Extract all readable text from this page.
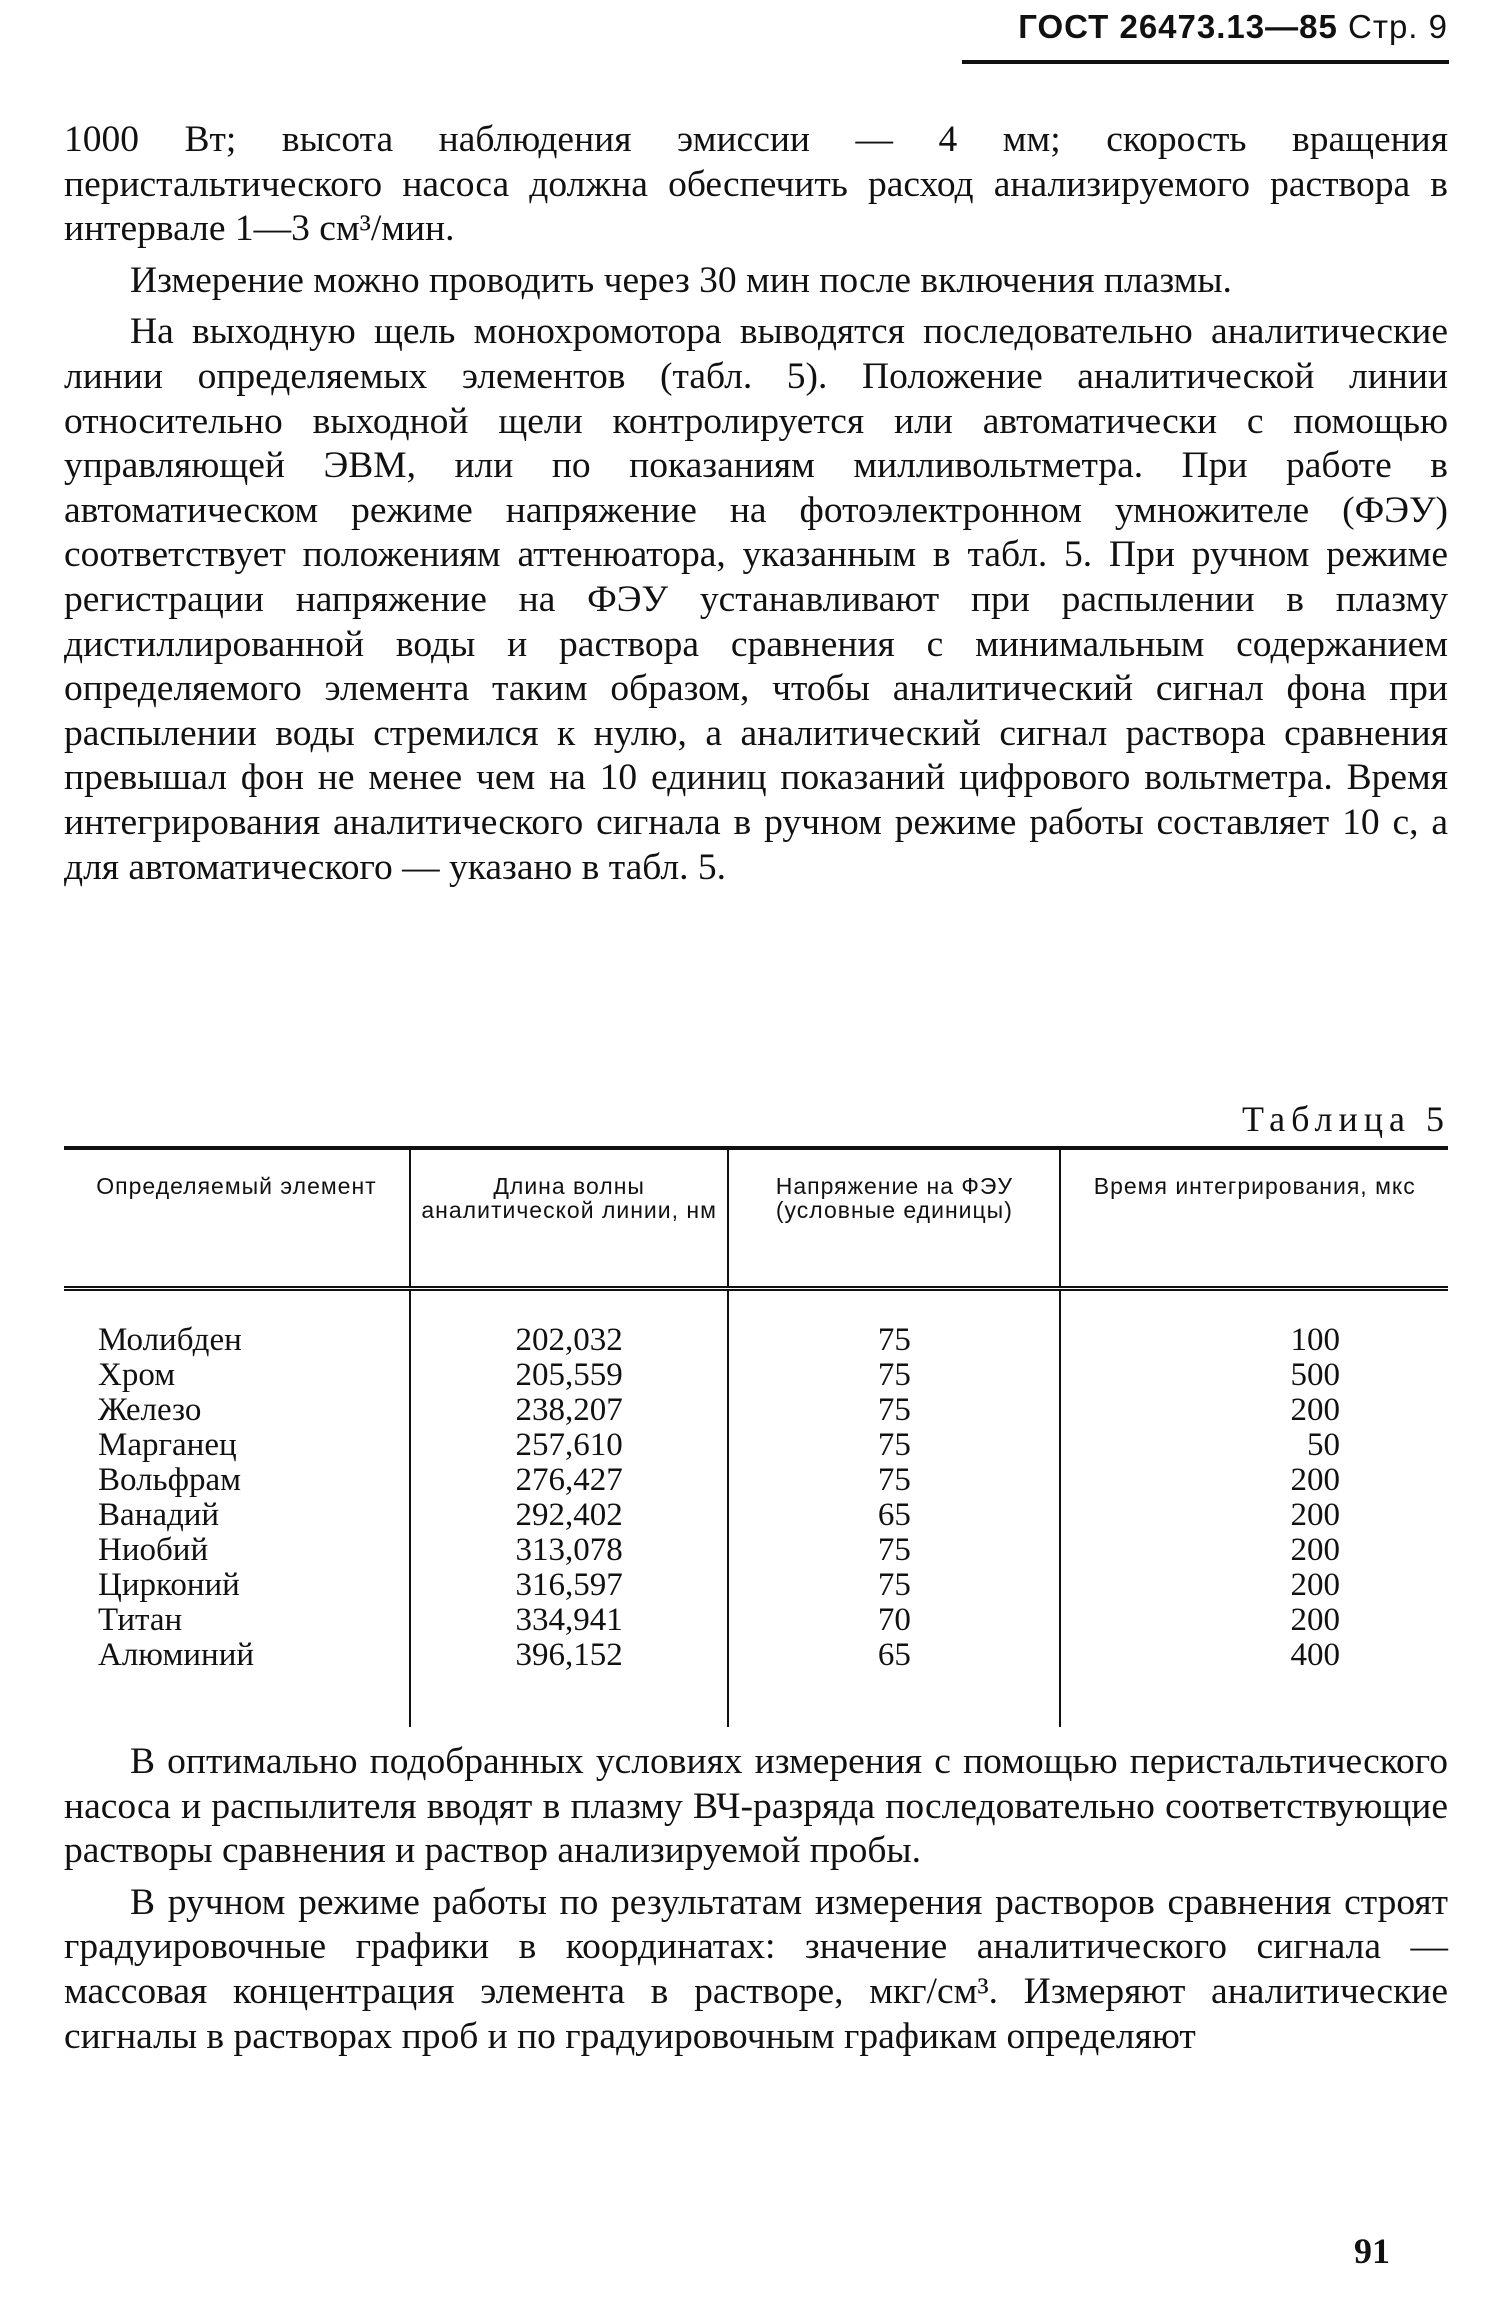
ГОСТ 26473.13—85 Стр. 9

1000 Вт; высота наблюдения эмиссии — 4 мм; скорость вращения перистальтического насоса должна обеспечить расход анализируемого раствора в интервале 1—3 см³/мин.

Измерение можно проводить через 30 мин после включения плазмы.

На выходную щель монохромотора выводятся последовательно аналитические линии определяемых элементов (табл. 5). Положение аналитической линии относительно выходной щели контролируется или автоматически с помощью управляющей ЭВМ, или по показаниям милливольтметра. При работе в автоматическом режиме напряжение на фотоэлектронном умножителе (ФЭУ) соответствует положениям аттенюатора, указанным в табл. 5. При ручном режиме регистрации напряжение на ФЭУ устанавливают при распылении в плазму дистиллированной воды и раствора сравнения с минимальным содержанием определяемого элемента таким образом, чтобы аналитический сигнал фона при распылении воды стремился к нулю, а аналитический сигнал раствора сравнения превышал фон не менее чем на 10 единиц показаний цифрового вольтметра. Время интегрирования аналитического сигнала в ручном режиме работы составляет 10 с, а для автоматического — указано в табл. 5.

Таблица 5
Определяемый элемент	Длина волны аналитической линии, нм	Напряжение на ФЭУ (условные единицы)	Время интегрирования, мкс
Молибден	202,032	75	100
Хром	205,559	75	500
Железо	238,207	75	200
Марганец	257,610	75	50
Вольфрам	276,427	75	200
Ванадий	292,402	65	200
Ниобий	313,078	75	200
Цирконий	316,597	75	200
Титан	334,941	70	200
Алюминий	396,152	65	400

В оптимально подобранных условиях измерения с помощью перистальтического насоса и распылителя вводят в плазму ВЧ-разряда последовательно соответствующие растворы сравнения и раствор анализируемой пробы.

В ручном режиме работы по результатам измерения растворов сравнения строят градуировочные графики в координатах: значение аналитического сигнала — массовая концентрация элемента в растворе, мкг/см³. Измеряют аналитические сигналы в растворах проб и по градуировочным графикам определяют

91
